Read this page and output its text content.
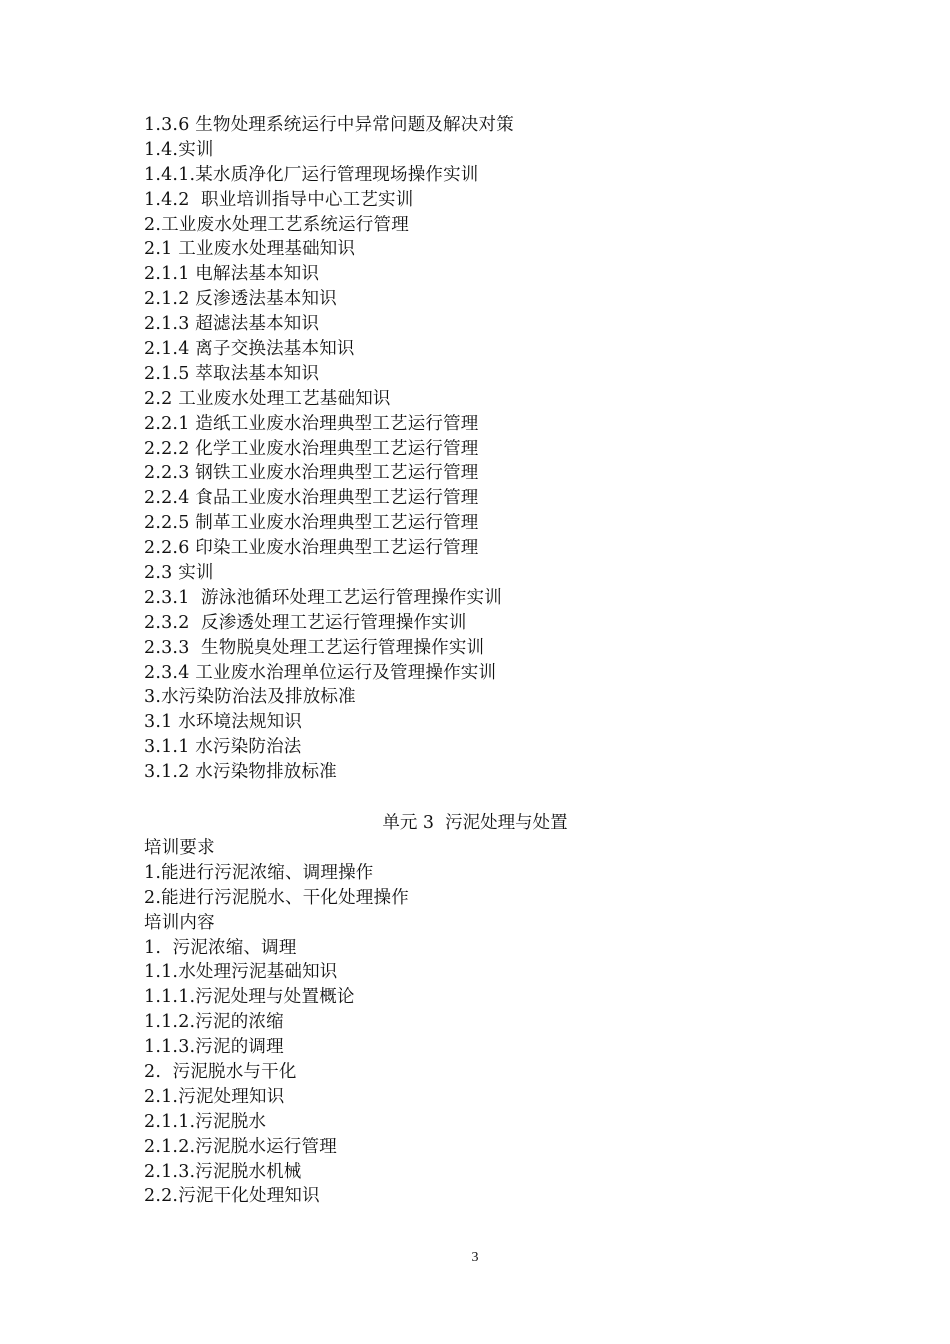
1.3.6 生物处理系统运行中异常问题及解决对策
1.4.实训
1.4.1.某水质净化厂运行管理现场操作实训
1.4.2  职业培训指导中心工艺实训
2.工业废水处理工艺系统运行管理
2.1 工业废水处理基础知识
2.1.1 电解法基本知识
2.1.2 反渗透法基本知识
2.1.3 超滤法基本知识
2.1.4 离子交换法基本知识
2.1.5 萃取法基本知识
2.2 工业废水处理工艺基础知识
2.2.1 造纸工业废水治理典型工艺运行管理
2.2.2 化学工业废水治理典型工艺运行管理
2.2.3 钢铁工业废水治理典型工艺运行管理
2.2.4 食品工业废水治理典型工艺运行管理
2.2.5 制革工业废水治理典型工艺运行管理
2.2.6 印染工业废水治理典型工艺运行管理
2.3 实训
2.3.1  游泳池循环处理工艺运行管理操作实训
2.3.2  反渗透处理工艺运行管理操作实训
2.3.3  生物脱臭处理工艺运行管理操作实训
2.3.4 工业废水治理单位运行及管理操作实训
3.水污染防治法及排放标准
3.1 水环境法规知识
3.1.1 水污染防治法
3.1.2 水污染物排放标准
单元 3  污泥处理与处置
培训要求
1.能进行污泥浓缩、调理操作
2.能进行污泥脱水、干化处理操作
培训内容
1.  污泥浓缩、调理
1.1.水处理污泥基础知识
1.1.1.污泥处理与处置概论
1.1.2.污泥的浓缩
1.1.3.污泥的调理
2.  污泥脱水与干化
2.1.污泥处理知识
2.1.1.污泥脱水
2.1.2.污泥脱水运行管理
2.1.3.污泥脱水机械
2.2.污泥干化处理知识
3
